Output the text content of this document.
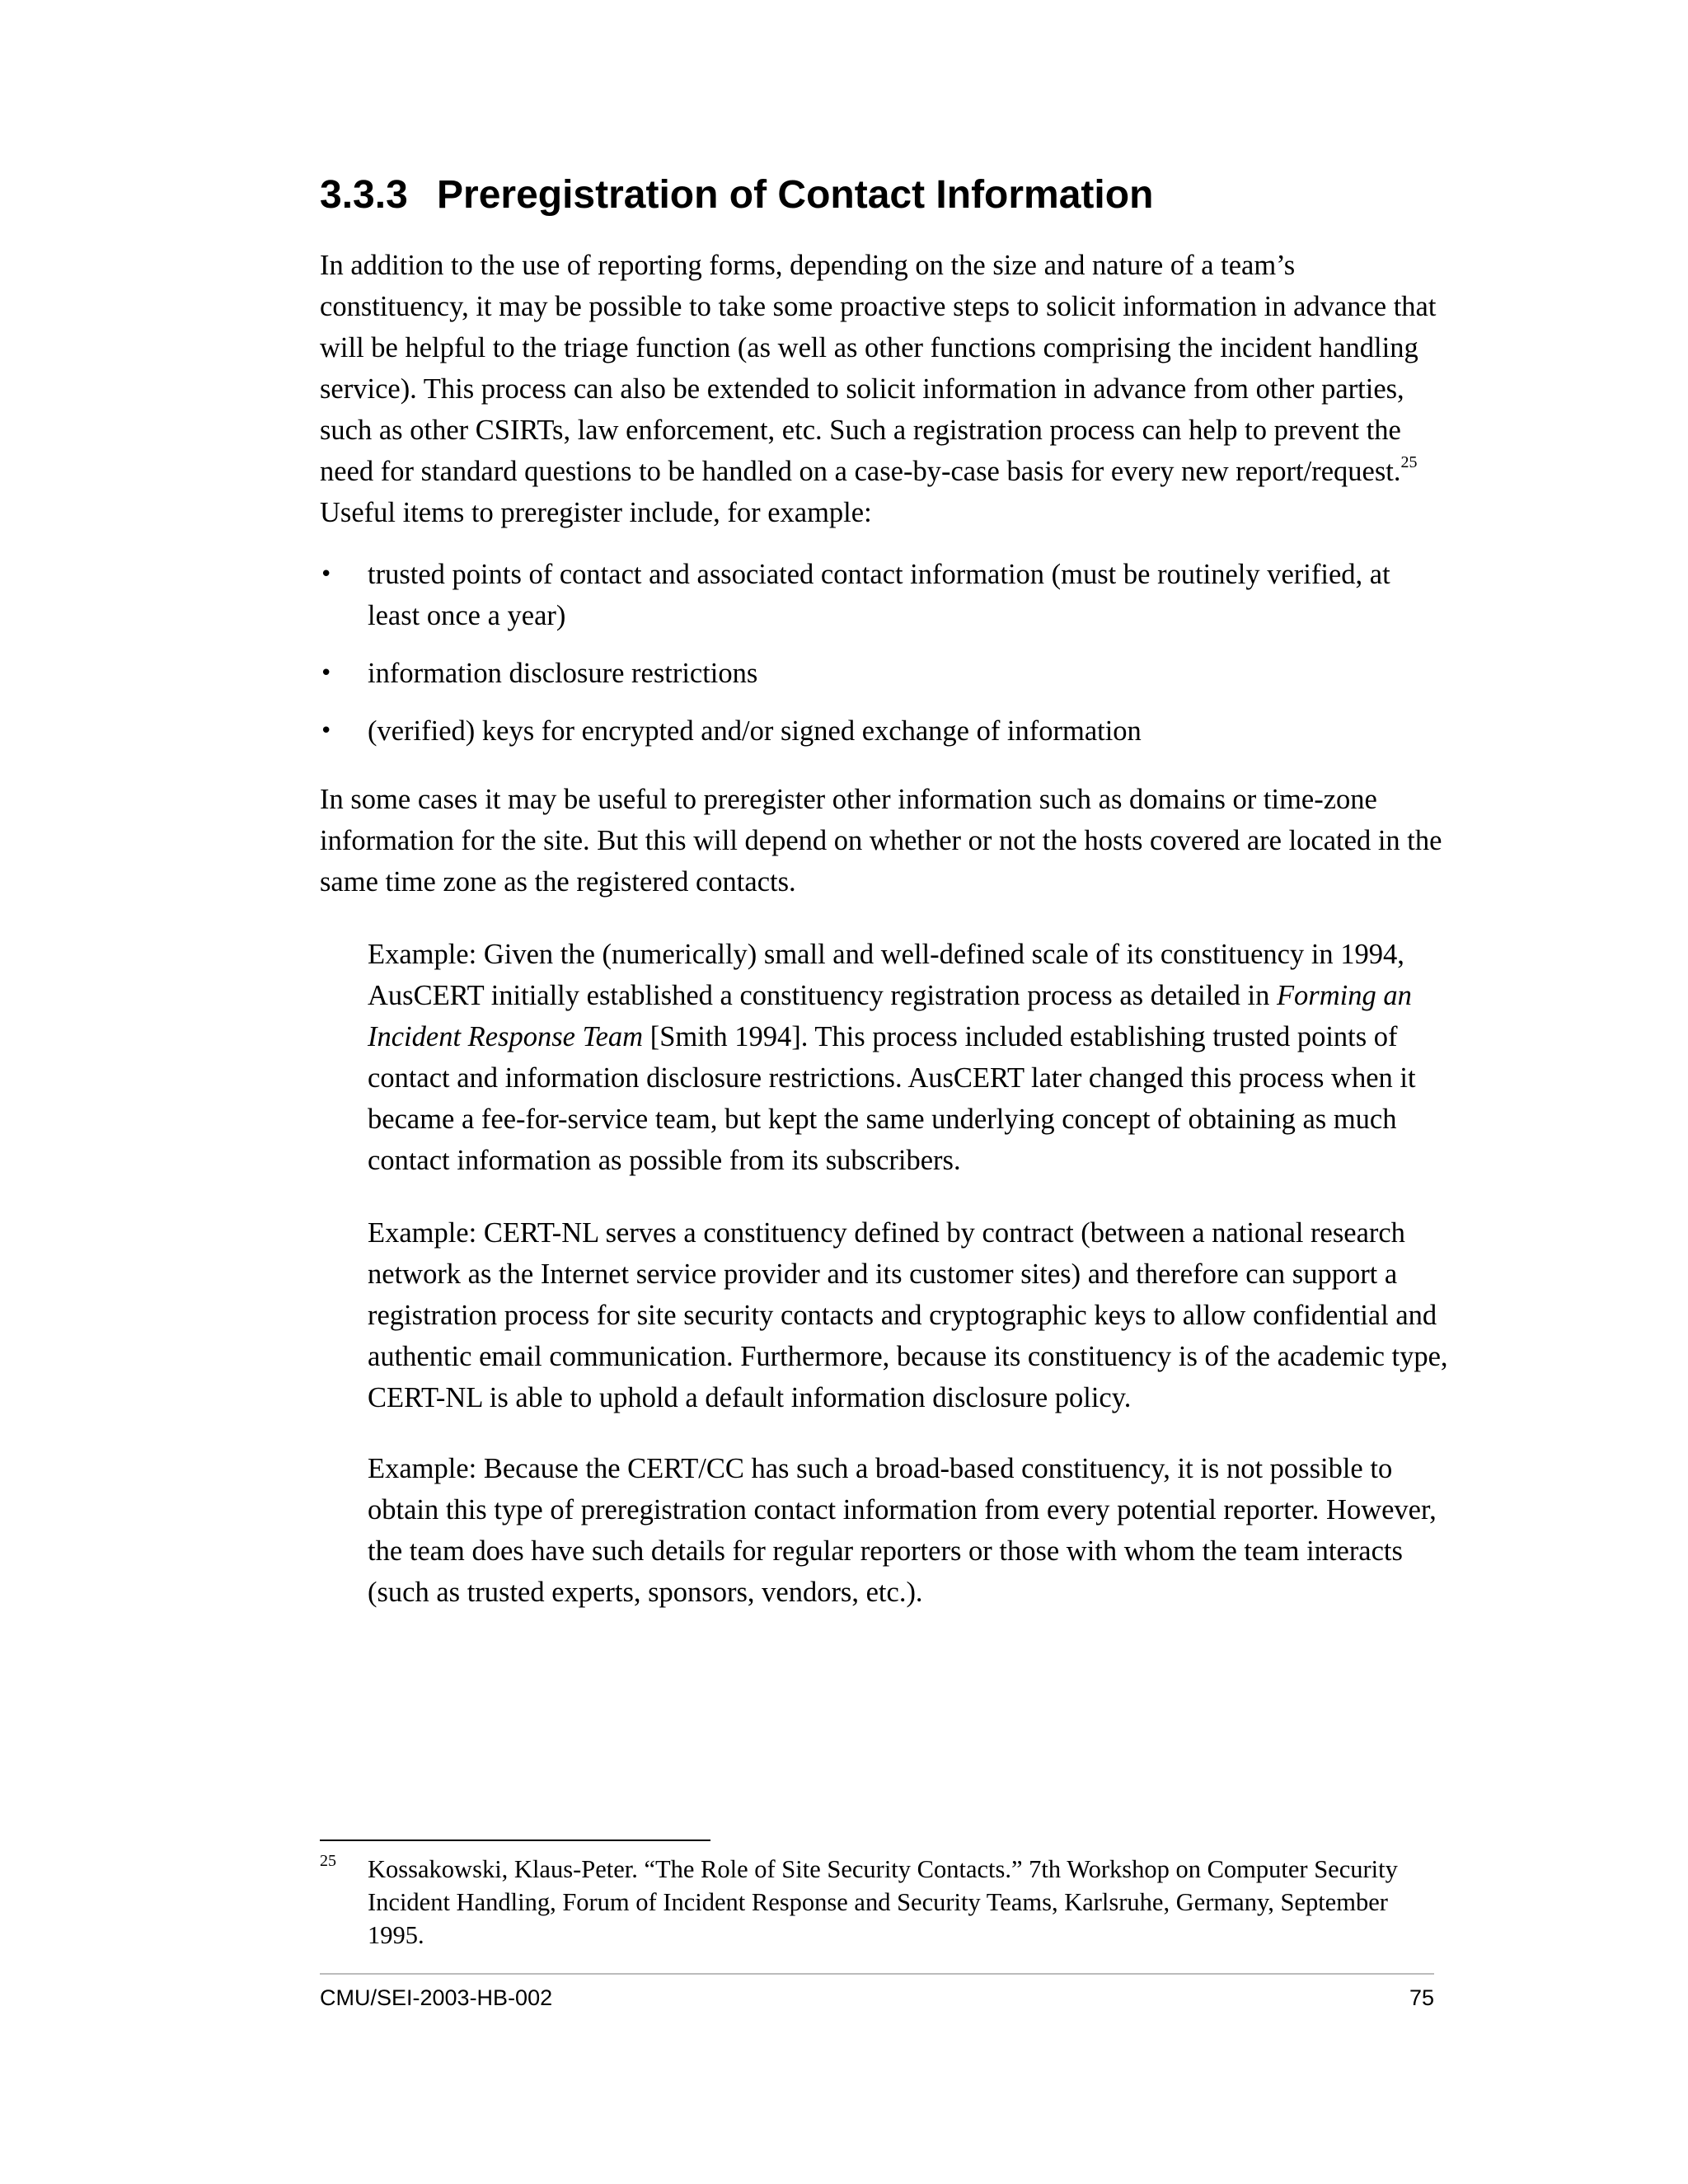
3.3.3 Preregistration of Contact Information

In addition to the use of reporting forms, depending on the size and nature of a team’s constituency, it may be possible to take some proactive steps to solicit information in advance that will be helpful to the triage function (as well as other functions comprising the incident handling service). This process can also be extended to solicit information in advance from other parties, such as other CSIRTs, law enforcement, etc. Such a registration process can help to prevent the need for standard questions to be handled on a case-by-case basis for every new report/request.$^{25}$ Useful items to preregister include, for example:

•	trusted points of contact and associated contact information (must be routinely verified, at least once a year)
•	information disclosure restrictions
•	(verified) keys for encrypted and/or signed exchange of information

In some cases it may be useful to preregister other information such as domains or time-zone information for the site. But this will depend on whether or not the hosts covered are located in the same time zone as the registered contacts.

Example: Given the (numerically) small and well-defined scale of its constituency in 1994, AusCERT initially established a constituency registration process as detailed in Forming an Incident Response Team [Smith 1994]. This process included establishing trusted points of contact and information disclosure restrictions. AusCERT later changed this process when it became a fee-for-service team, but kept the same underlying concept of obtaining as much contact information as possible from its subscribers.

Example: CERT-NL serves a constituency defined by contract (between a national research network as the Internet service provider and its customer sites) and therefore can support a registration process for site security contacts and cryptographic keys to allow confidential and authentic email communication. Furthermore, because its constituency is of the academic type, CERT-NL is able to uphold a default information disclosure policy.

Example: Because the CERT/CC has such a broad-based constituency, it is not possible to obtain this type of preregistration contact information from every potential reporter. However, the team does have such details for regular reporters or those with whom the team interacts (such as trusted experts, sponsors, vendors, etc.).

25 Kossakowski, Klaus-Peter. “The Role of Site Security Contacts.” 7th Workshop on Computer Security Incident Handling, Forum of Incident Response and Security Teams, Karlsruhe, Germany, September 1995.
CMU/SEI-2003-HB-002	75
